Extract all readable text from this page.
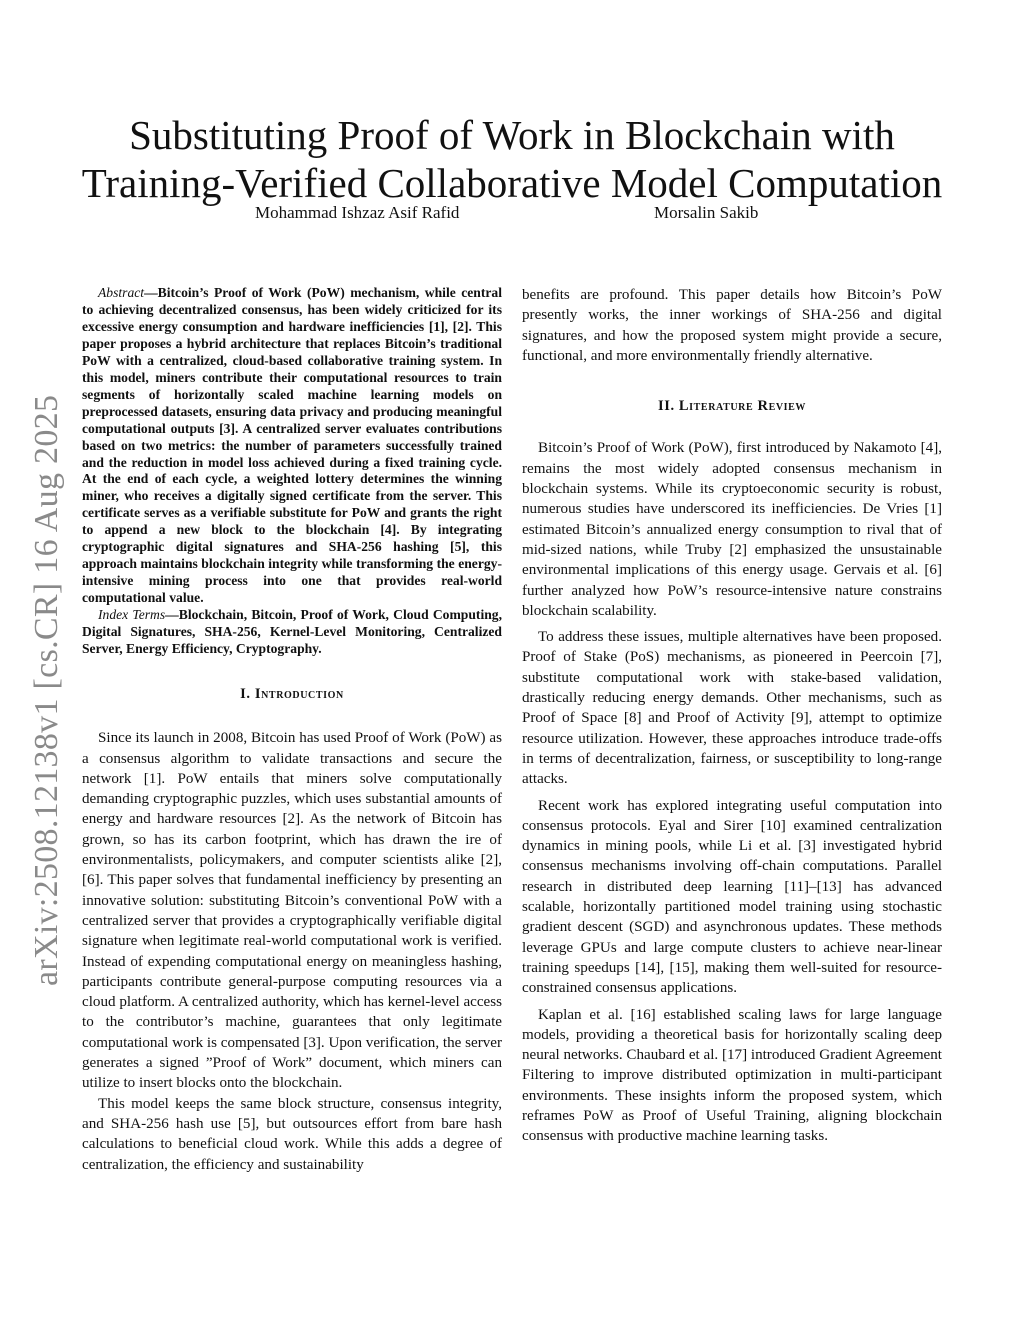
arXiv:2508.12138v1 [cs.CR] 16 Aug 2025
Substituting Proof of Work in Blockchain with
Training-Verified Collaborative Model Computation
Mohammad Ishzaz Asif Rafid	Morsalin Sakib

Abstract—Bitcoin’s Proof of Work (PoW) mechanism, while central to achieving decentralized consensus, has been widely criticized for its excessive energy consumption and hardware inefficiencies [1], [2]. This paper proposes a hybrid architecture that replaces Bitcoin’s traditional PoW with a centralized, cloud-based collaborative training system. In this model, miners contribute their computational resources to train segments of horizontally scaled machine learning models on preprocessed datasets, ensuring data privacy and producing meaningful computational outputs [3]. A centralized server evaluates contributions based on two metrics: the number of parameters successfully trained and the reduction in model loss achieved during a fixed training cycle. At the end of each cycle, a weighted lottery determines the winning miner, who receives a digitally signed certificate from the server. This certificate serves as a verifiable substitute for PoW and grants the right to append a new block to the blockchain [4]. By integrating cryptographic digital signatures and SHA-256 hashing [5], this approach maintains blockchain integrity while transforming the energy-intensive mining process into one that provides real-world computational value.

Index Terms—Blockchain, Bitcoin, Proof of Work, Cloud Computing, Digital Signatures, SHA-256, Kernel-Level Monitoring, Centralized Server, Energy Efficiency, Cryptography.

I. Introduction

Since its launch in 2008, Bitcoin has used Proof of Work (PoW) as a consensus algorithm to validate transactions and secure the network [1]. PoW entails that miners solve computationally demanding cryptographic puzzles, which uses substantial amounts of energy and hardware resources [2]. As the network of Bitcoin has grown, so has its carbon footprint, which has drawn the ire of environmentalists, policymakers, and computer scientists alike [2], [6]. This paper solves that fundamental inefficiency by presenting an innovative solution: substituting Bitcoin’s conventional PoW with a centralized server that provides a cryptographically verifiable digital signature when legitimate real-world computational work is verified. Instead of expending computational energy on meaningless hashing, participants contribute general-purpose computing resources via a cloud platform. A centralized authority, which has kernel-level access to the contributor’s machine, guarantees that only legitimate computational work is compensated [3]. Upon verification, the server generates a signed ”Proof of Work” document, which miners can utilize to insert blocks onto the blockchain.

This model keeps the same block structure, consensus integrity, and SHA-256 hash use [5], but outsources effort from bare hash calculations to beneficial cloud work. While this adds a degree of centralization, the efficiency and sustainability

benefits are profound. This paper details how Bitcoin’s PoW presently works, the inner workings of SHA-256 and digital signatures, and how the proposed system might provide a secure, functional, and more environmentally friendly alternative.

II. Literature Review

Bitcoin’s Proof of Work (PoW), first introduced by Nakamoto [4], remains the most widely adopted consensus mechanism in blockchain systems. While its cryptoeconomic security is robust, numerous studies have underscored its inefficiencies. De Vries [1] estimated Bitcoin’s annualized energy consumption to rival that of mid-sized nations, while Truby [2] emphasized the unsustainable environmental implications of this energy usage. Gervais et al. [6] further analyzed how PoW’s resource-intensive nature constrains blockchain scalability.

To address these issues, multiple alternatives have been proposed. Proof of Stake (PoS) mechanisms, as pioneered in Peercoin [7], substitute computational work with stake-based validation, drastically reducing energy demands. Other mechanisms, such as Proof of Space [8] and Proof of Activity [9], attempt to optimize resource utilization. However, these approaches introduce trade-offs in terms of decentralization, fairness, or susceptibility to long-range attacks.

Recent work has explored integrating useful computation into consensus protocols. Eyal and Sirer [10] examined centralization dynamics in mining pools, while Li et al. [3] investigated hybrid consensus mechanisms involving off-chain computations. Parallel research in distributed deep learning [11]–[13] has advanced scalable, horizontally partitioned model training using stochastic gradient descent (SGD) and asynchronous updates. These methods leverage GPUs and large compute clusters to achieve near-linear training speedups [14], [15], making them well-suited for resource-constrained consensus applications.

Kaplan et al. [16] established scaling laws for large language models, providing a theoretical basis for horizontally scaling deep neural networks. Chaubard et al. [17] introduced Gradient Agreement Filtering to improve distributed optimization in multi-participant environments. These insights inform the proposed system, which reframes PoW as Proof of Useful Training, aligning blockchain consensus with productive machine learning tasks.
